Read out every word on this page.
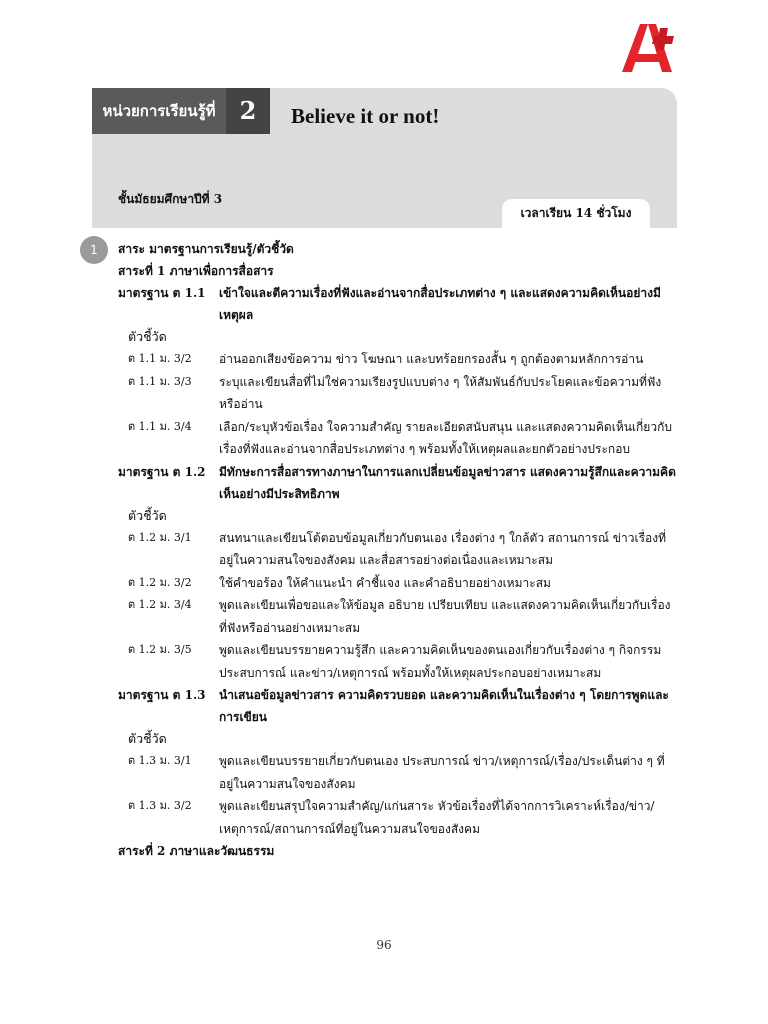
หน่วยการเรียนรู้ที่	2	Believe it or not!
ชั้นมัธยมศึกษาปีที่ 3
เวลาเรียน 14 ชั่วโมง
1	สาระ มาตรฐานการเรียนรู้/ตัวชี้วัด
สาระที่ 1 ภาษาเพื่อการสื่อสาร
มาตรฐาน ต 1.1	เข้าใจและตีความเรื่องที่ฟังและอ่านจากสื่อประเภทต่าง ๆ และแสดงความคิดเห็นอย่างมีเหตุผล
ตัวชี้วัด
ต 1.1 ม. 3/2	อ่านออกเสียงข้อความ ข่าว โฆษณา และบทร้อยกรองสั้น ๆ ถูกต้องตามหลักการอ่าน
ต 1.1 ม. 3/3	ระบุและเขียนสื่อที่ไม่ใช่ความเรียงรูปแบบต่าง ๆ ให้สัมพันธ์กับประโยคและข้อความที่ฟังหรืออ่าน
ต 1.1 ม. 3/4	เลือก/ระบุหัวข้อเรื่อง ใจความสำคัญ รายละเอียดสนับสนุน และแสดงความคิดเห็นเกี่ยวกับเรื่องที่ฟังและอ่านจากสื่อประเภทต่าง ๆ พร้อมทั้งให้เหตุผลและยกตัวอย่างประกอบ
มาตรฐาน ต 1.2	มีทักษะการสื่อสารทางภาษาในการแลกเปลี่ยนข้อมูลข่าวสาร แสดงความรู้สึกและความคิดเห็นอย่างมีประสิทธิภาพ
ตัวชี้วัด
ต 1.2 ม. 3/1	สนทนาและเขียนโต้ตอบข้อมูลเกี่ยวกับตนเอง เรื่องต่าง ๆ ใกล้ตัว สถานการณ์ ข่าวเรื่องที่อยู่ในความสนใจของสังคม และสื่อสารอย่างต่อเนื่องและเหมาะสม
ต 1.2 ม. 3/2	ใช้คำขอร้อง ให้คำแนะนำ คำชี้แจง และคำอธิบายอย่างเหมาะสม
ต 1.2 ม. 3/4	พูดและเขียนเพื่อขอและให้ข้อมูล อธิบาย เปรียบเทียบ และแสดงความคิดเห็นเกี่ยวกับเรื่องที่ฟังหรืออ่านอย่างเหมาะสม
ต 1.2 ม. 3/5	พูดและเขียนบรรยายความรู้สึก และความคิดเห็นของตนเองเกี่ยวกับเรื่องต่าง ๆ กิจกรรม ประสบการณ์ และข่าว/เหตุการณ์ พร้อมทั้งให้เหตุผลประกอบอย่างเหมาะสม
มาตรฐาน ต 1.3	นำเสนอข้อมูลข่าวสาร ความคิดรวบยอด และความคิดเห็นในเรื่องต่าง ๆ โดยการพูดและการเขียน
ตัวชี้วัด
ต 1.3 ม. 3/1	พูดและเขียนบรรยายเกี่ยวกับตนเอง ประสบการณ์ ข่าว/เหตุการณ์/เรื่อง/ประเด็นต่าง ๆ ที่อยู่ในความสนใจของสังคม
ต 1.3 ม. 3/2	พูดและเขียนสรุปใจความสำคัญ/แก่นสาระ หัวข้อเรื่องที่ได้จากการวิเคราะห์เรื่อง/ข่าว/เหตุการณ์/สถานการณ์ที่อยู่ในความสนใจของสังคม
สาระที่ 2 ภาษาและวัฒนธรรม
96
